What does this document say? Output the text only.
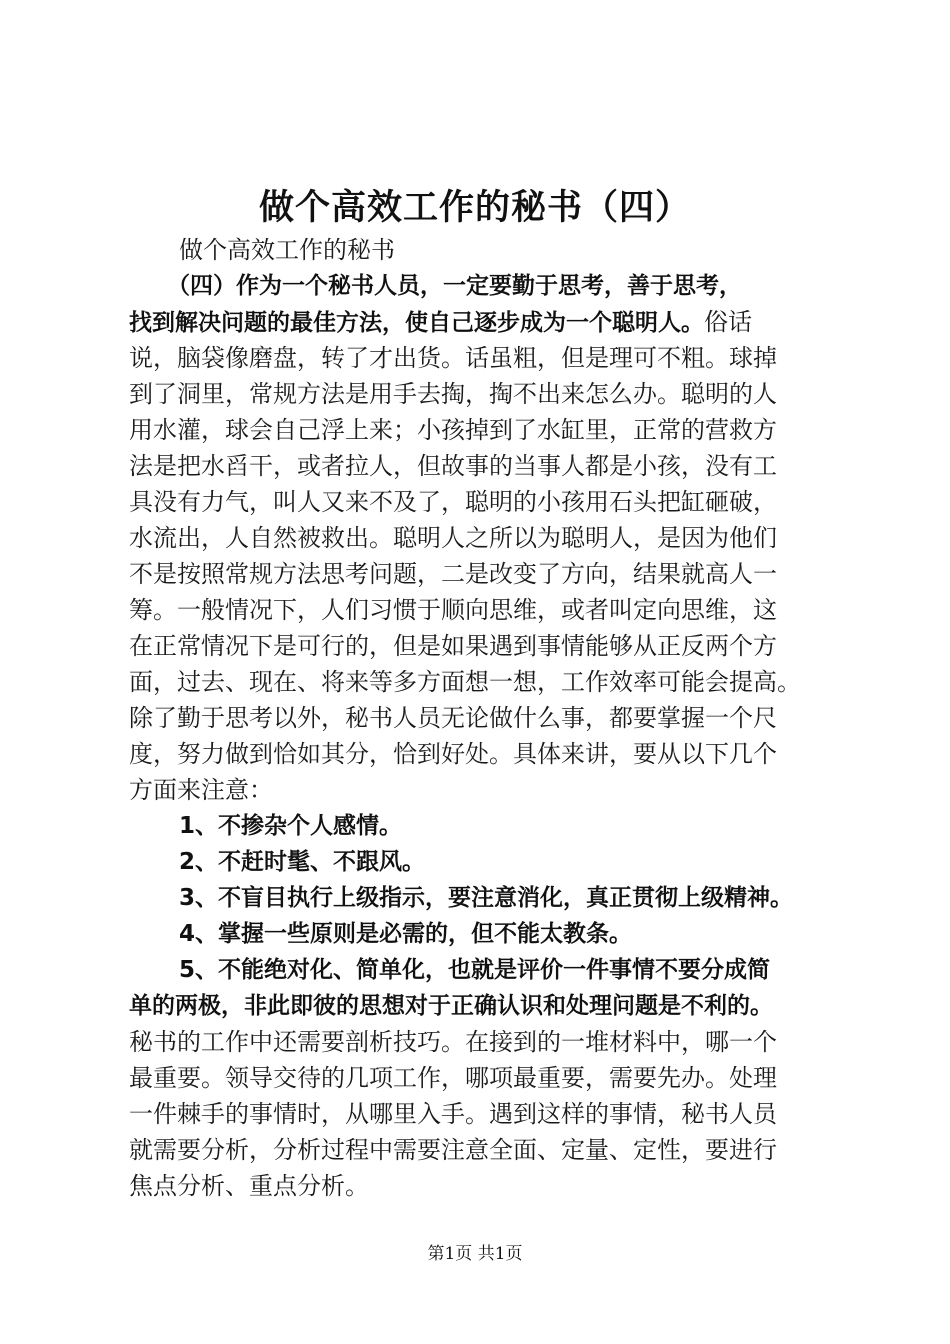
做个高效工作的秘书（四）
做个高效工作的秘书
（四）作为一个秘书人员，一定要勤于思考，善于思考，
找到解决问题的最佳方法，使自己逐步成为一个聪明人。俗话
说，脑袋像磨盘，转了才出货。话虽粗，但是理可不粗。球掉
到了洞里，常规方法是用手去掏，掏不出来怎么办。聪明的人
用水灌，球会自己浮上来；小孩掉到了水缸里，正常的营救方
法是把水舀干，或者拉人，但故事的当事人都是小孩，没有工
具没有力气，叫人又来不及了，聪明的小孩用石头把缸砸破，
水流出，人自然被救出。聪明人之所以为聪明人，是因为他们
不是按照常规方法思考问题，二是改变了方向，结果就高人一
筹。一般情况下，人们习惯于顺向思维，或者叫定向思维，这
在正常情况下是可行的，但是如果遇到事情能够从正反两个方
面，过去、现在、将来等多方面想一想，工作效率可能会提高。
除了勤于思考以外，秘书人员无论做什么事，都要掌握一个尺
度，努力做到恰如其分，恰到好处。具体来讲，要从以下几个
方面来注意：
1、不掺杂个人感情。
2、不赶时髦、不跟风。
3、不盲目执行上级指示，要注意消化，真正贯彻上级精神。
4、掌握一些原则是必需的，但不能太教条。
5、不能绝对化、简单化，也就是评价一件事情不要分成简
单的两极，非此即彼的思想对于正确认识和处理问题是不利的。
秘书的工作中还需要剖析技巧。在接到的一堆材料中，哪一个
最重要。领导交待的几项工作，哪项最重要，需要先办。处理
一件棘手的事情时，从哪里入手。遇到这样的事情，秘书人员
就需要分析，分析过程中需要注意全面、定量、定性，要进行
焦点分析、重点分析。
第1页 共1页
